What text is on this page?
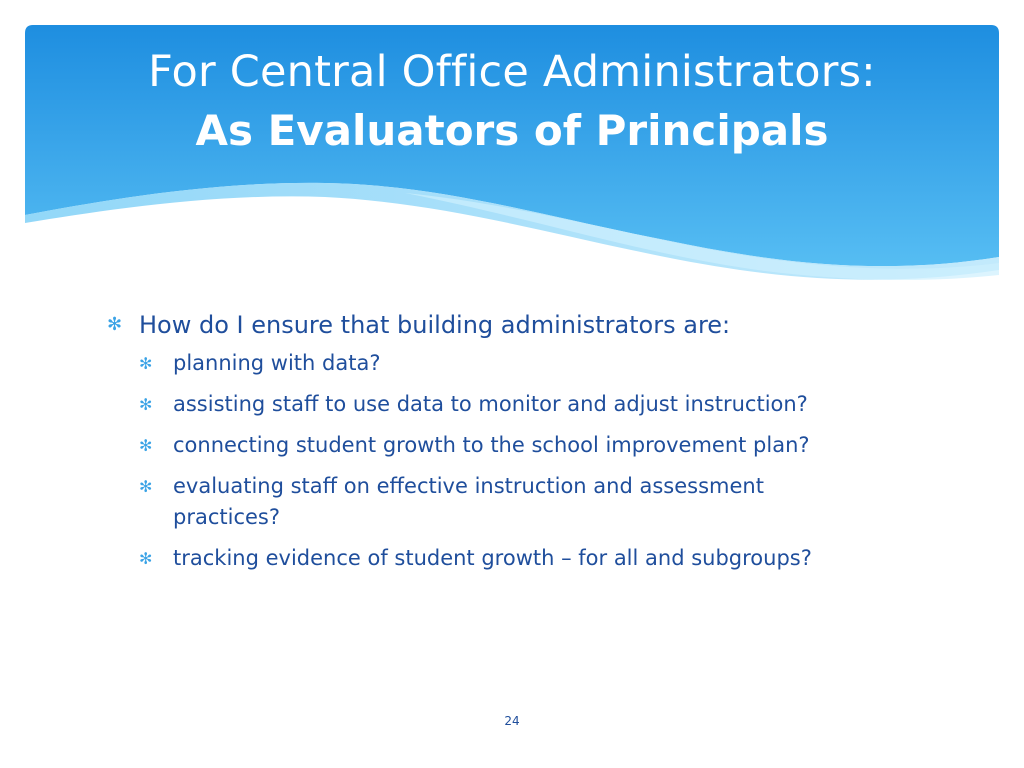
For Central Office Administrators:
As Evaluators of Principals
✻ How do I ensure that building administrators are:
✻ planning with data?
✻ assisting staff to use data to monitor and adjust instruction?
✻ connecting student growth to the school improvement plan?
✻ evaluating staff on effective instruction and assessment practices?
✻ tracking evidence of student growth – for all and subgroups?
24
